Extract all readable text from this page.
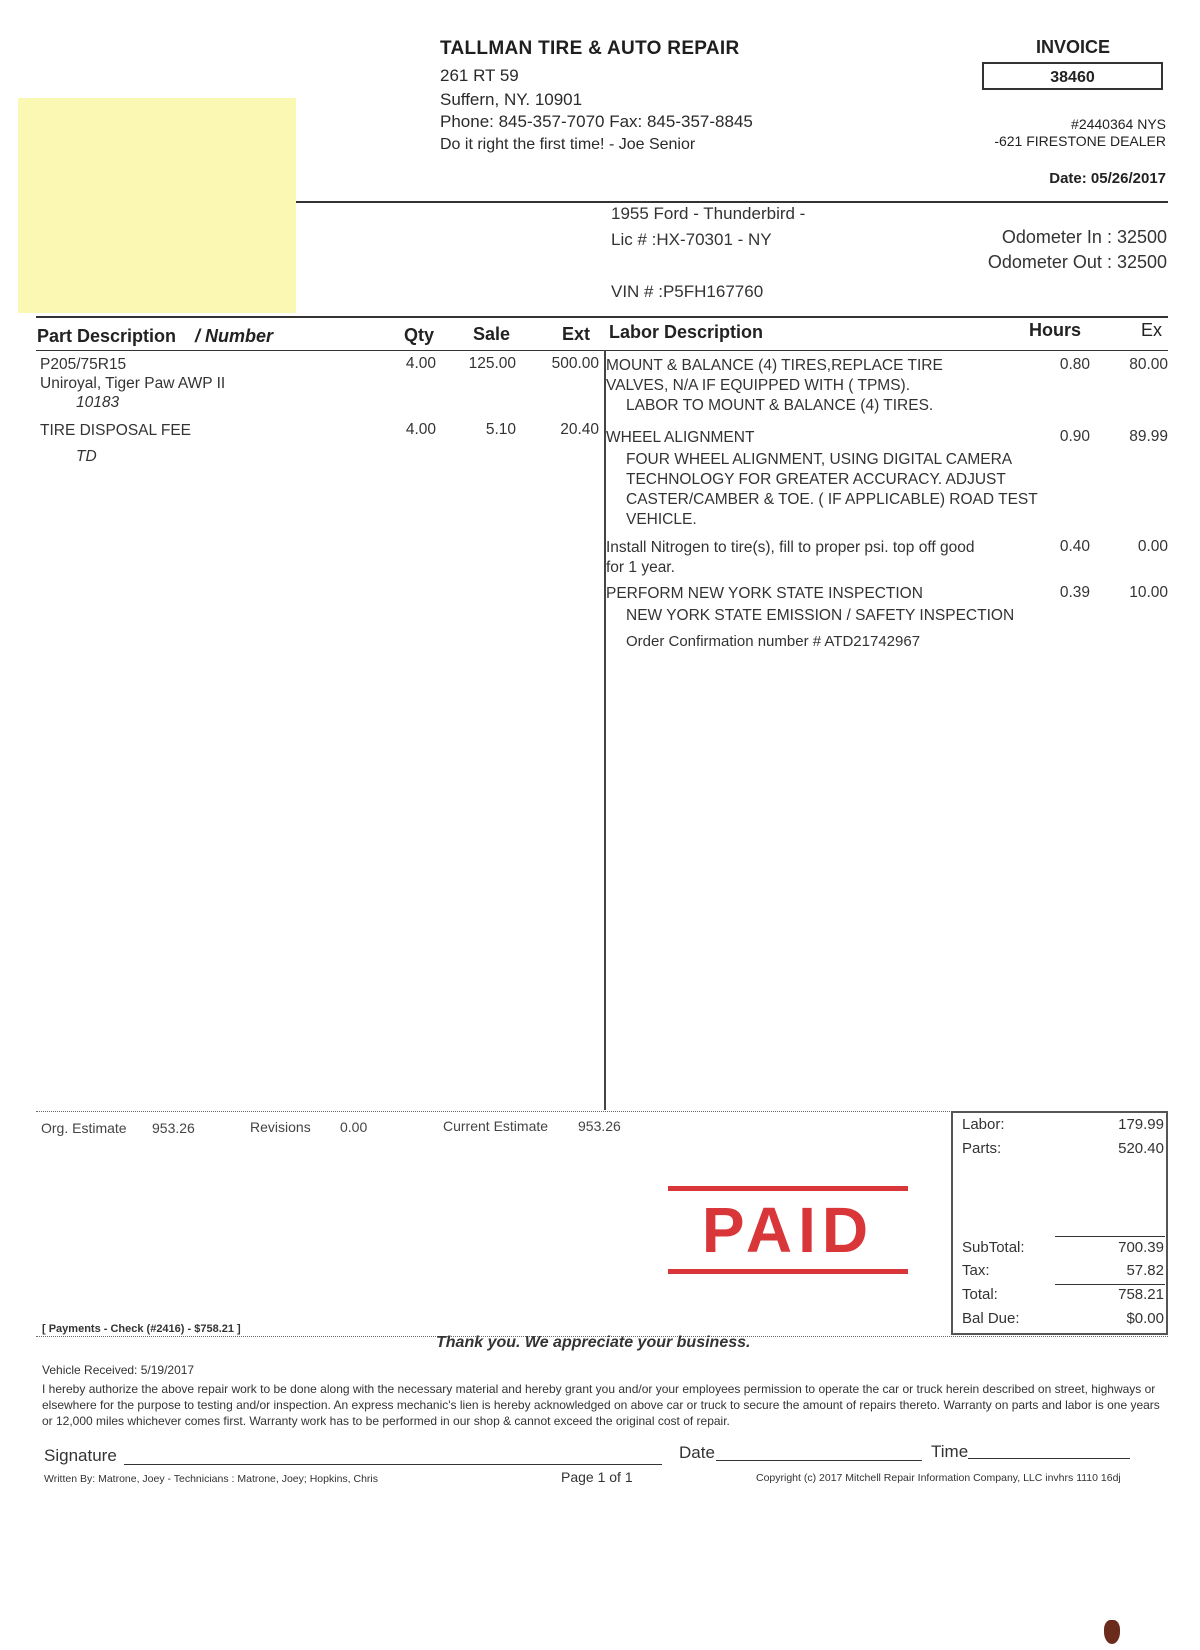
TALLMAN TIRE & AUTO REPAIR
261 RT 59
Suffern, NY. 10901
Phone: 845-357-7070 Fax: 845-357-8845
Do it right the first time! - Joe Senior
INVOICE
38460
#2440364 NYS
-621 FIRESTONE DEALER
Date: 05/26/2017
1955 Ford - Thunderbird -
Lic # :HX-70301 - NY
VIN # :P5FH167760
Odometer In : 32500
Odometer Out : 32500
Part Description / Number	Qty Sale	Ext Labor Description	Hours	Ex
P205/75R15
Uniroyal, Tiger Paw AWP II
10183
4.00	125.00	500.00
TIRE DISPOSAL FEE
TD
4.00	5.10	20.40
MOUNT & BALANCE (4) TIRES,REPLACE TIRE VALVES, N/A IF EQUIPPED WITH ( TPMS).
LABOR TO MOUNT & BALANCE (4) TIRES.
0.80	80.00
WHEEL ALIGNMENT
FOUR WHEEL ALIGNMENT, USING DIGITAL CAMERA TECHNOLOGY FOR GREATER ACCURACY. ADJUST CASTER/CAMBER & TOE. ( IF APPLICABLE) ROAD TEST VEHICLE.
0.90	89.99
Install Nitrogen to tire(s), fill to proper psi. top off good for 1 year.
0.40	0.00
PERFORM NEW YORK STATE INSPECTION
NEW YORK STATE EMISSION / SAFETY INSPECTION
Order Confirmation number # ATD21742967
0.39	10.00
Org. Estimate 953.26	Revisions 0.00	Current Estimate 953.26	Labor:	179.99
Parts:	520.40
SubTotal:	700.39
Tax:	57.82
Total:	758.21
Bal Due:	$0.00
PAID
[ Payments - Check (#2416) - $758.21 ]
Thank you. We appreciate your business.
Vehicle Received: 5/19/2017
I hereby authorize the above repair work to be done along with the necessary material and hereby grant you and/or your employees permission to operate the car or truck herein described on street, highways or elsewhere for the purpose to testing and/or inspection. An express mechanic's lien is hereby acknowledged on above car or truck to secure the amount of repairs thereto. Warranty on parts and labor is one years or 12,000 miles whichever comes first. Warranty work has to be performed in our shop & cannot exceed the original cost of repair.
Signature	Date	Time
Written By: Matrone, Joey - Technicians : Matrone, Joey; Hopkins, Chris	Page 1 of 1	Copyright (c) 2017 Mitchell Repair Information Company, LLC invhrs 1110 16dj
